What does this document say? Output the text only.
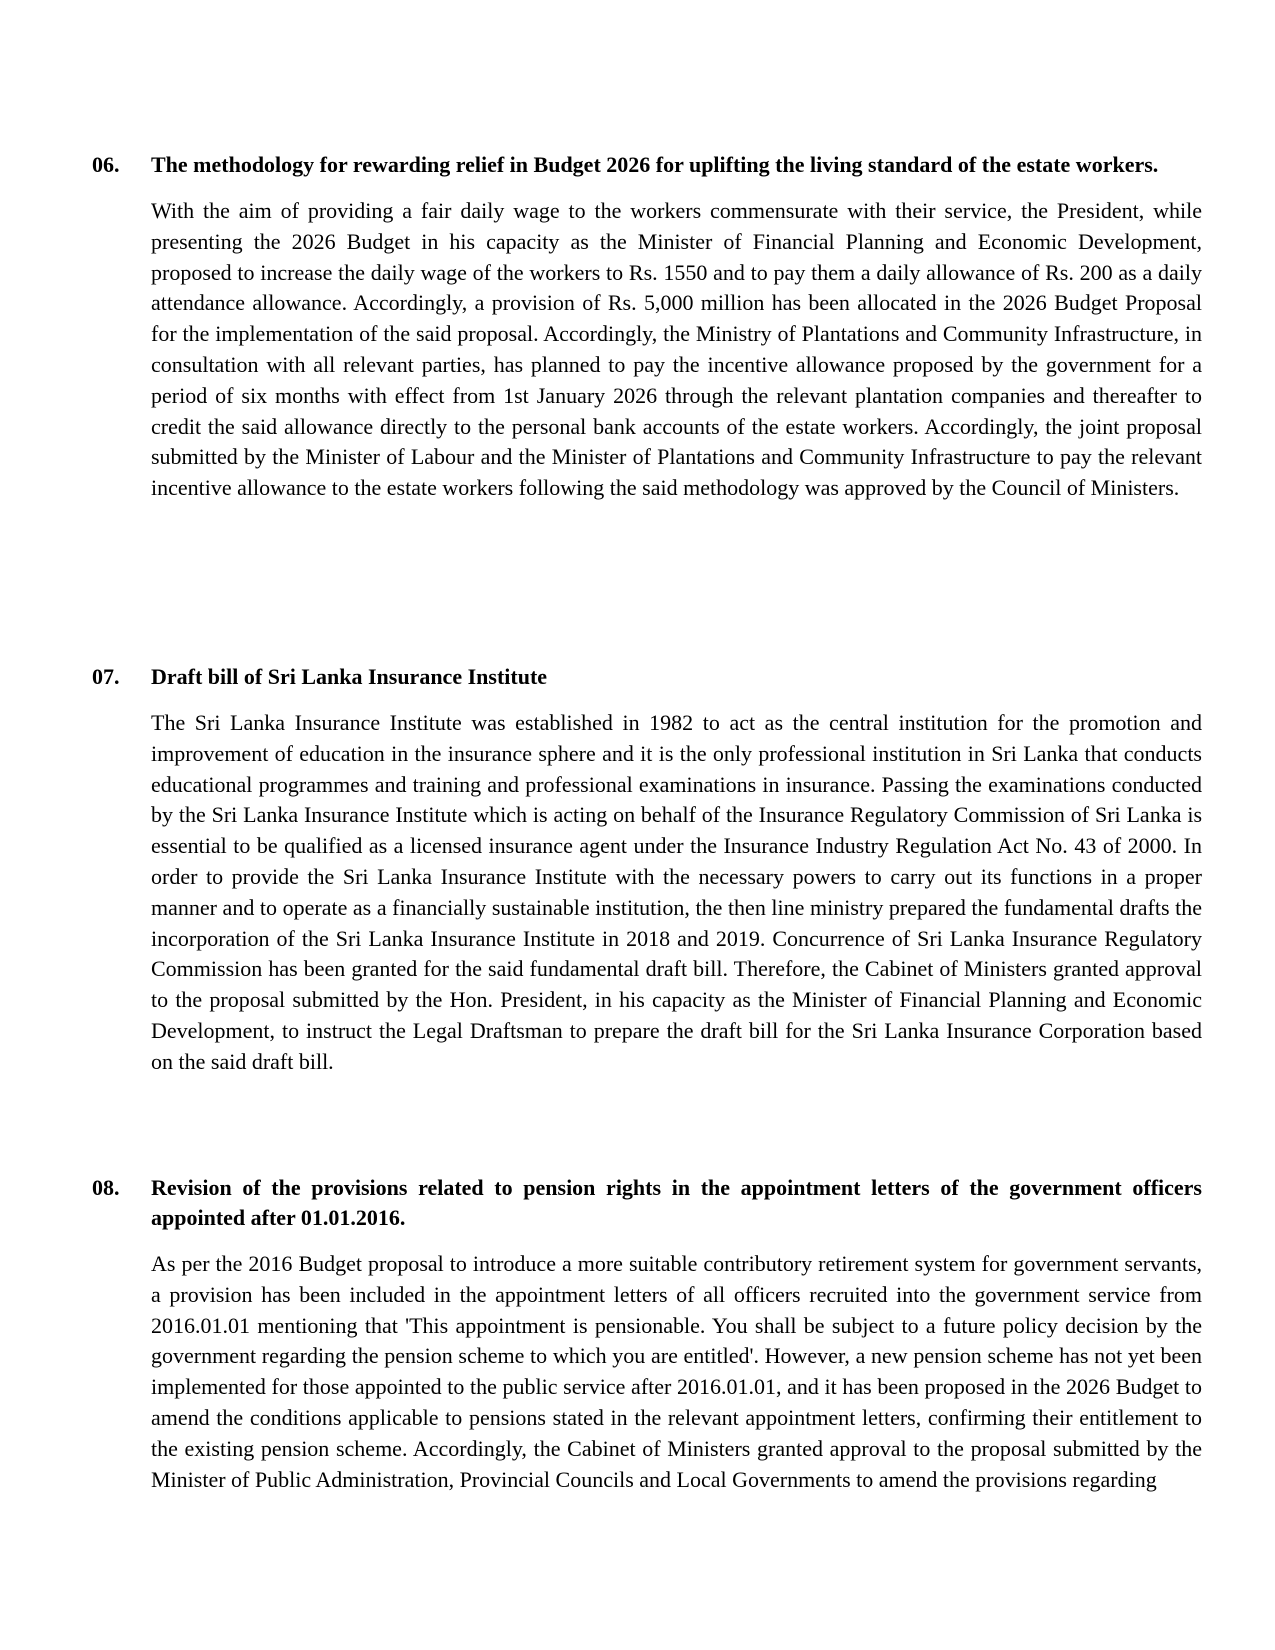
06. The methodology for rewarding relief in Budget 2026 for uplifting the living standard of the estate workers.
With the aim of providing a fair daily wage to the workers commensurate with their service, the President, while presenting the 2026 Budget in his capacity as the Minister of Financial Planning and Economic Development, proposed to increase the daily wage of the workers to Rs. 1550 and to pay them a daily allowance of Rs. 200 as a daily attendance allowance. Accordingly, a provision of Rs. 5,000 million has been allocated in the 2026 Budget Proposal for the implementation of the said proposal. Accordingly, the Ministry of Plantations and Community Infrastructure, in consultation with all relevant parties, has planned to pay the incentive allowance proposed by the government for a period of six months with effect from 1st January 2026 through the relevant plantation companies and thereafter to credit the said allowance directly to the personal bank accounts of the estate workers. Accordingly, the joint proposal submitted by the Minister of Labour and the Minister of Plantations and Community Infrastructure to pay the relevant incentive allowance to the estate workers following the said methodology was approved by the Council of Ministers.
07. Draft bill of Sri Lanka Insurance Institute
The Sri Lanka Insurance Institute was established in 1982 to act as the central institution for the promotion and improvement of education in the insurance sphere and it is the only professional institution in Sri Lanka that conducts educational programmes and training and professional examinations in insurance. Passing the examinations conducted by the Sri Lanka Insurance Institute which is acting on behalf of the Insurance Regulatory Commission of Sri Lanka is essential to be qualified as a licensed insurance agent under the Insurance Industry Regulation Act No. 43 of 2000. In order to provide the Sri Lanka Insurance Institute with the necessary powers to carry out its functions in a proper manner and to operate as a financially sustainable institution, the then line ministry prepared the fundamental drafts the incorporation of the Sri Lanka Insurance Institute in 2018 and 2019. Concurrence of Sri Lanka Insurance Regulatory Commission has been granted for the said fundamental draft bill. Therefore, the Cabinet of Ministers granted approval to the proposal submitted by the Hon. President, in his capacity as the Minister of Financial Planning and Economic Development, to instruct the Legal Draftsman to prepare the draft bill for the Sri Lanka Insurance Corporation based on the said draft bill.
08. Revision of the provisions related to pension rights in the appointment letters of the government officers appointed after 01.01.2016.
As per the 2016 Budget proposal to introduce a more suitable contributory retirement system for government servants, a provision has been included in the appointment letters of all officers recruited into the government service from 2016.01.01 mentioning that 'This appointment is pensionable. You shall be subject to a future policy decision by the government regarding the pension scheme to which you are entitled'. However, a new pension scheme has not yet been implemented for those appointed to the public service after 2016.01.01, and it has been proposed in the 2026 Budget to amend the conditions applicable to pensions stated in the relevant appointment letters, confirming their entitlement to the existing pension scheme. Accordingly, the Cabinet of Ministers granted approval to the proposal submitted by the Minister of Public Administration, Provincial Councils and Local Governments to amend the provisions regarding
